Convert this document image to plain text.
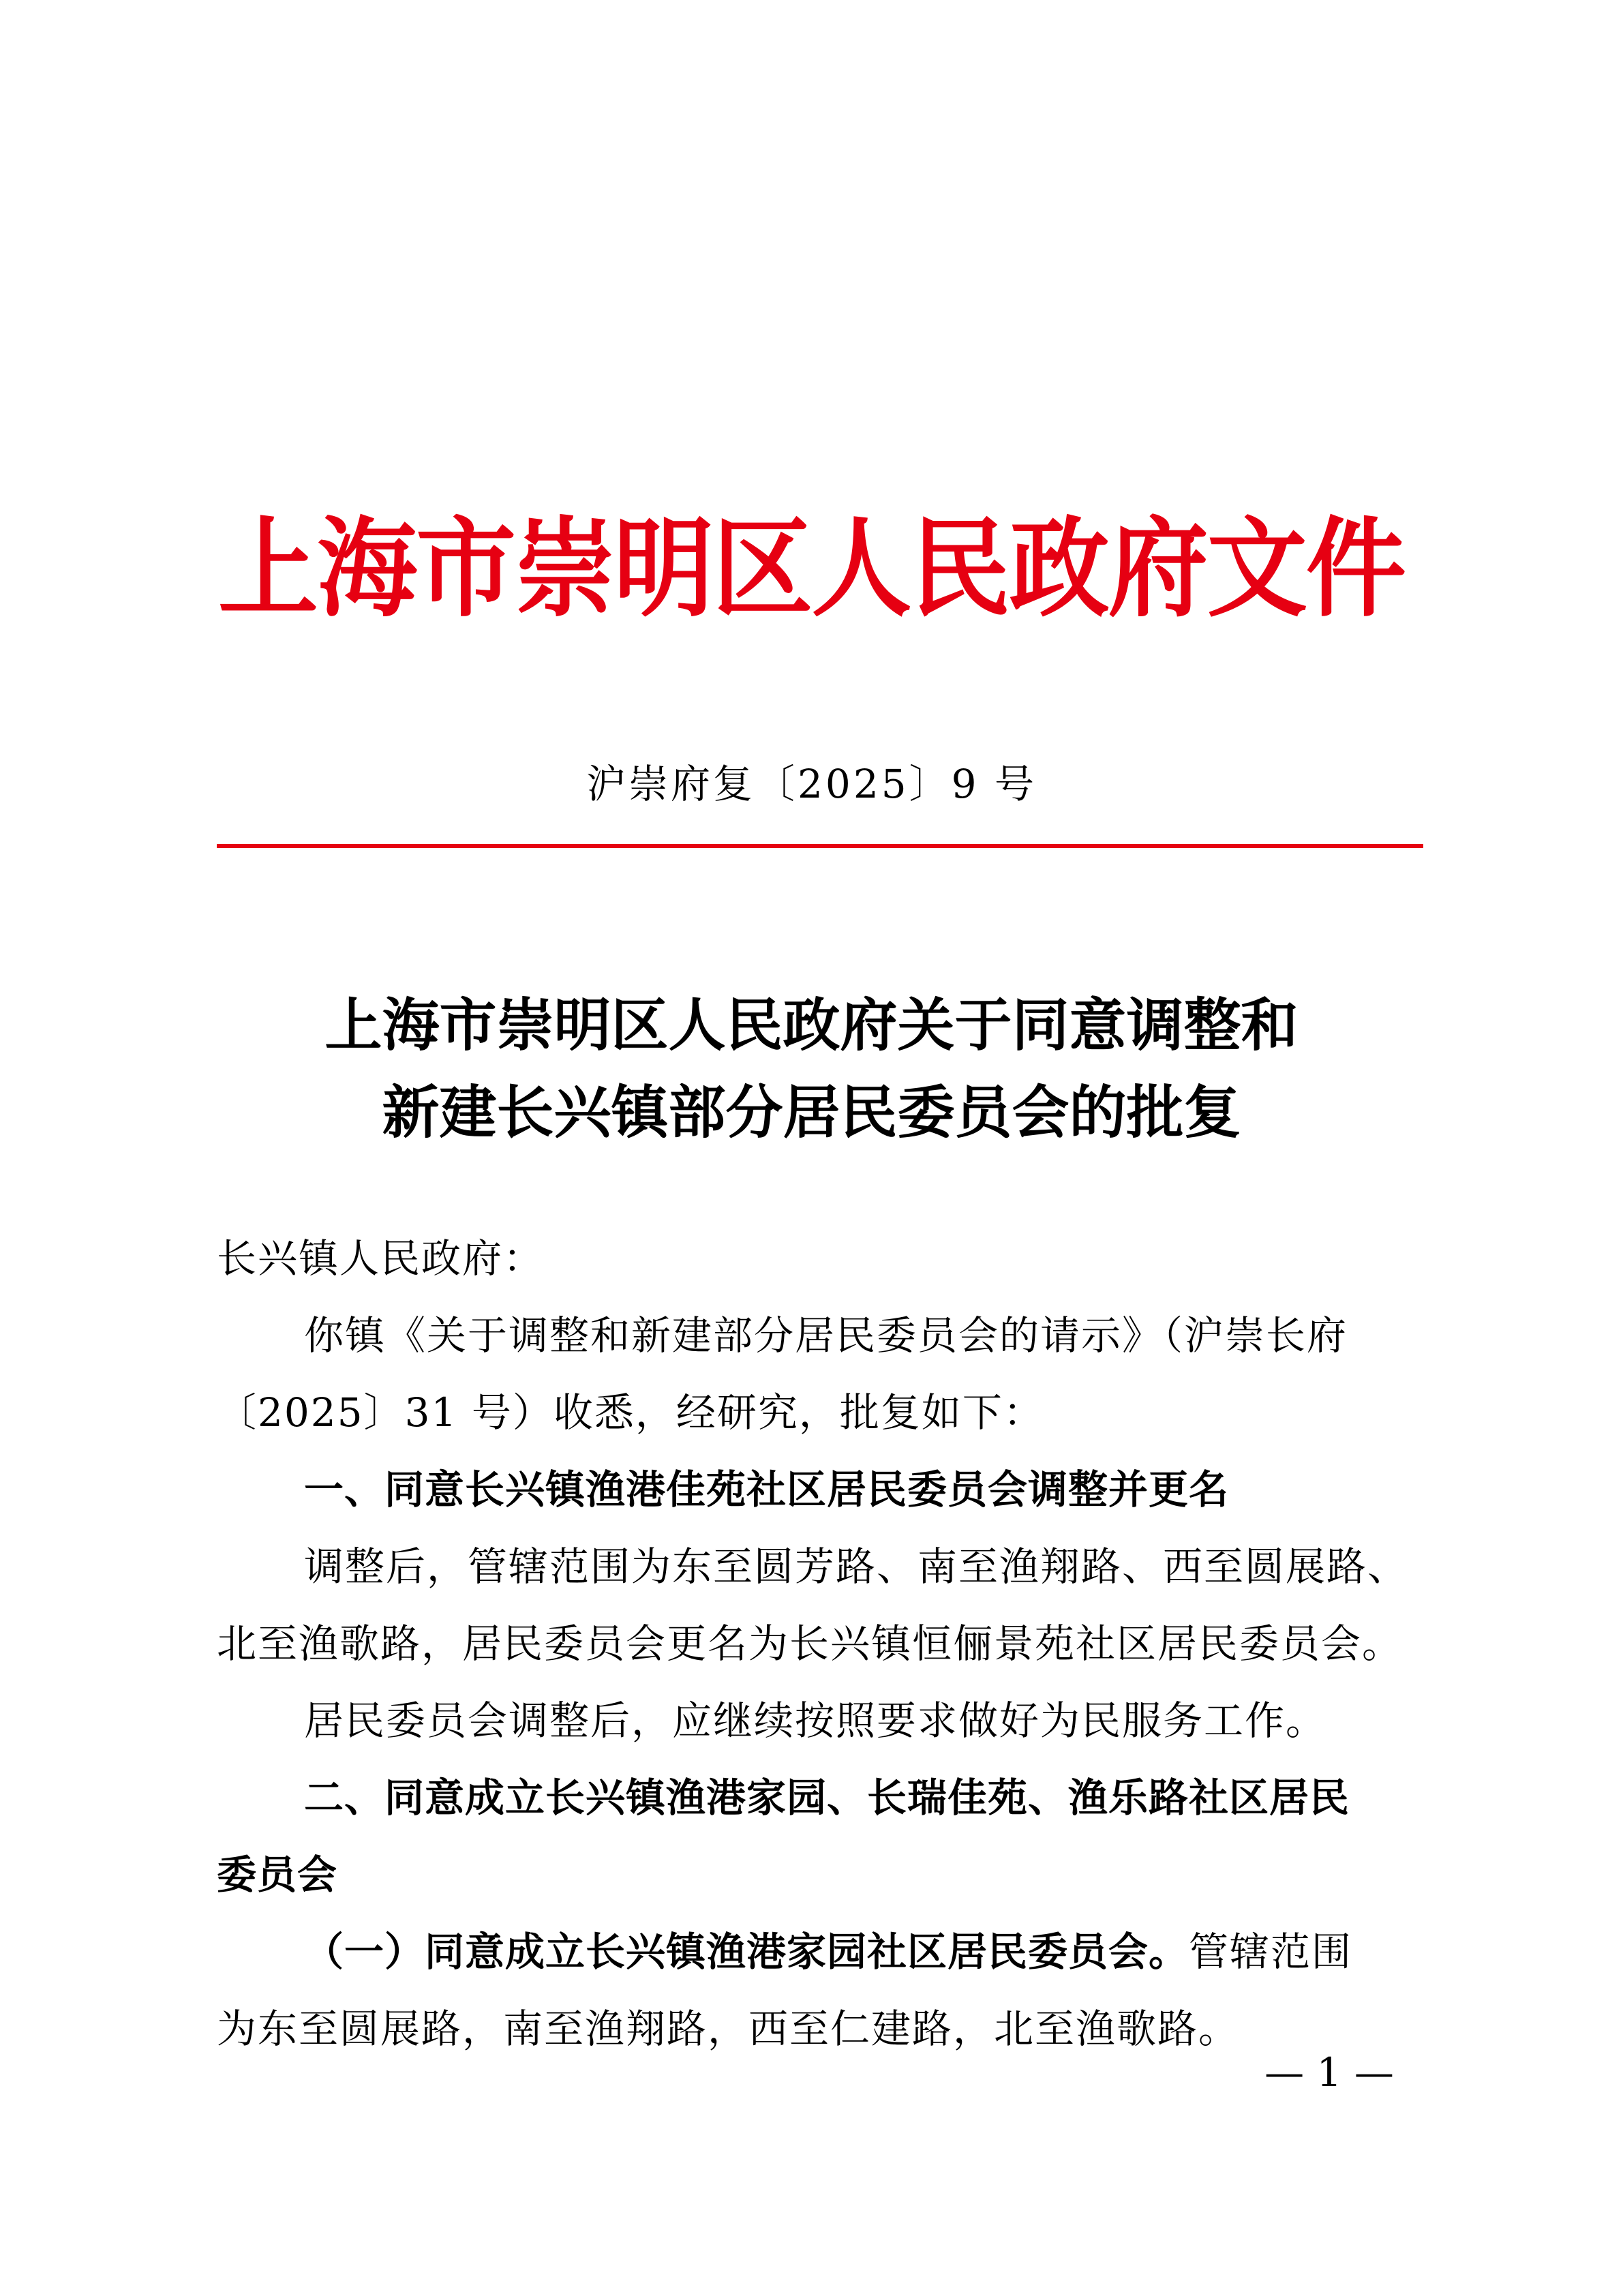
上海市崇明区人民政府文件
沪崇府复〔2025〕9 号
上海市崇明区人民政府关于同意调整和
新建长兴镇部分居民委员会的批复
长兴镇人民政府：
你镇《关于调整和新建部分居民委员会的请示》（沪崇长府
〔2025〕31 号）收悉，经研究，批复如下：
一、同意长兴镇渔港佳苑社区居民委员会调整并更名
调整后，管辖范围为东至圆芳路、南至渔翔路、西至圆展路、
北至渔歌路，居民委员会更名为长兴镇恒俪景苑社区居民委员会。
居民委员会调整后，应继续按照要求做好为民服务工作。
二、同意成立长兴镇渔港家园、长瑞佳苑、渔乐路社区居民
委员会
（一）同意成立长兴镇渔港家园社区居民委员会。管辖范围
为东至圆展路，南至渔翔路，西至仁建路，北至渔歌路。
— 1 —
